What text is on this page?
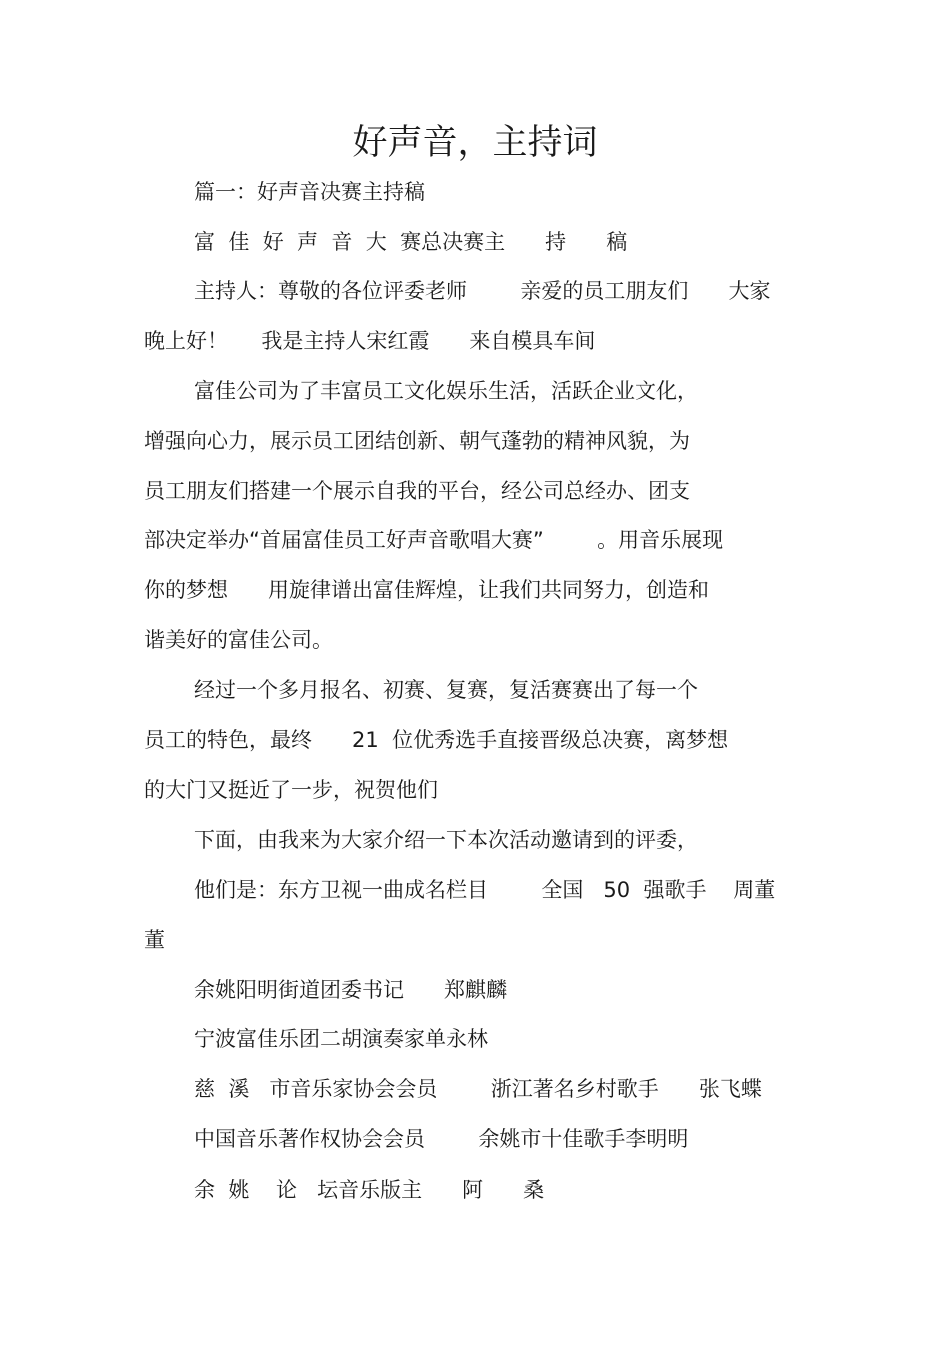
好声音，主持词
篇一：好声音决赛主持稿
富  佳  好  声  音  大  赛总决赛主      持      稿
主持人：尊敬的各位评委老师        亲爱的员工朋友们      大家
晚上好！     我是主持人宋红霞      来自模具车间
富佳公司为了丰富员工文化娱乐生活，活跃企业文化，
增强向心力，展示员工团结创新、朝气蓬勃的精神风貌，为
员工朋友们搭建一个展示自我的平台，经公司总经办、团支
部决定举办“首届富佳员工好声音歌唱大赛”        。用音乐展现
你的梦想      用旋律谱出富佳辉煌，让我们共同努力，创造和
谐美好的富佳公司。
经过一个多月报名、初赛、复赛，复活赛赛出了每一个
员工的特色，最终      21  位优秀选手直接晋级总决赛，离梦想
的大门又挺近了一步，祝贺他们
下面，由我来为大家介绍一下本次活动邀请到的评委，
他们是：东方卫视一曲成名栏目        全国   50  强歌手    周董
董
余姚阳明街道团委书记      郑麒麟
宁波富佳乐团二胡演奏家单永林
慈  溪   市音乐家协会会员        浙江著名乡村歌手      张飞蝶
中国音乐著作权协会会员        余姚市十佳歌手李明明
余  姚    论   坛音乐版主      阿      桑
